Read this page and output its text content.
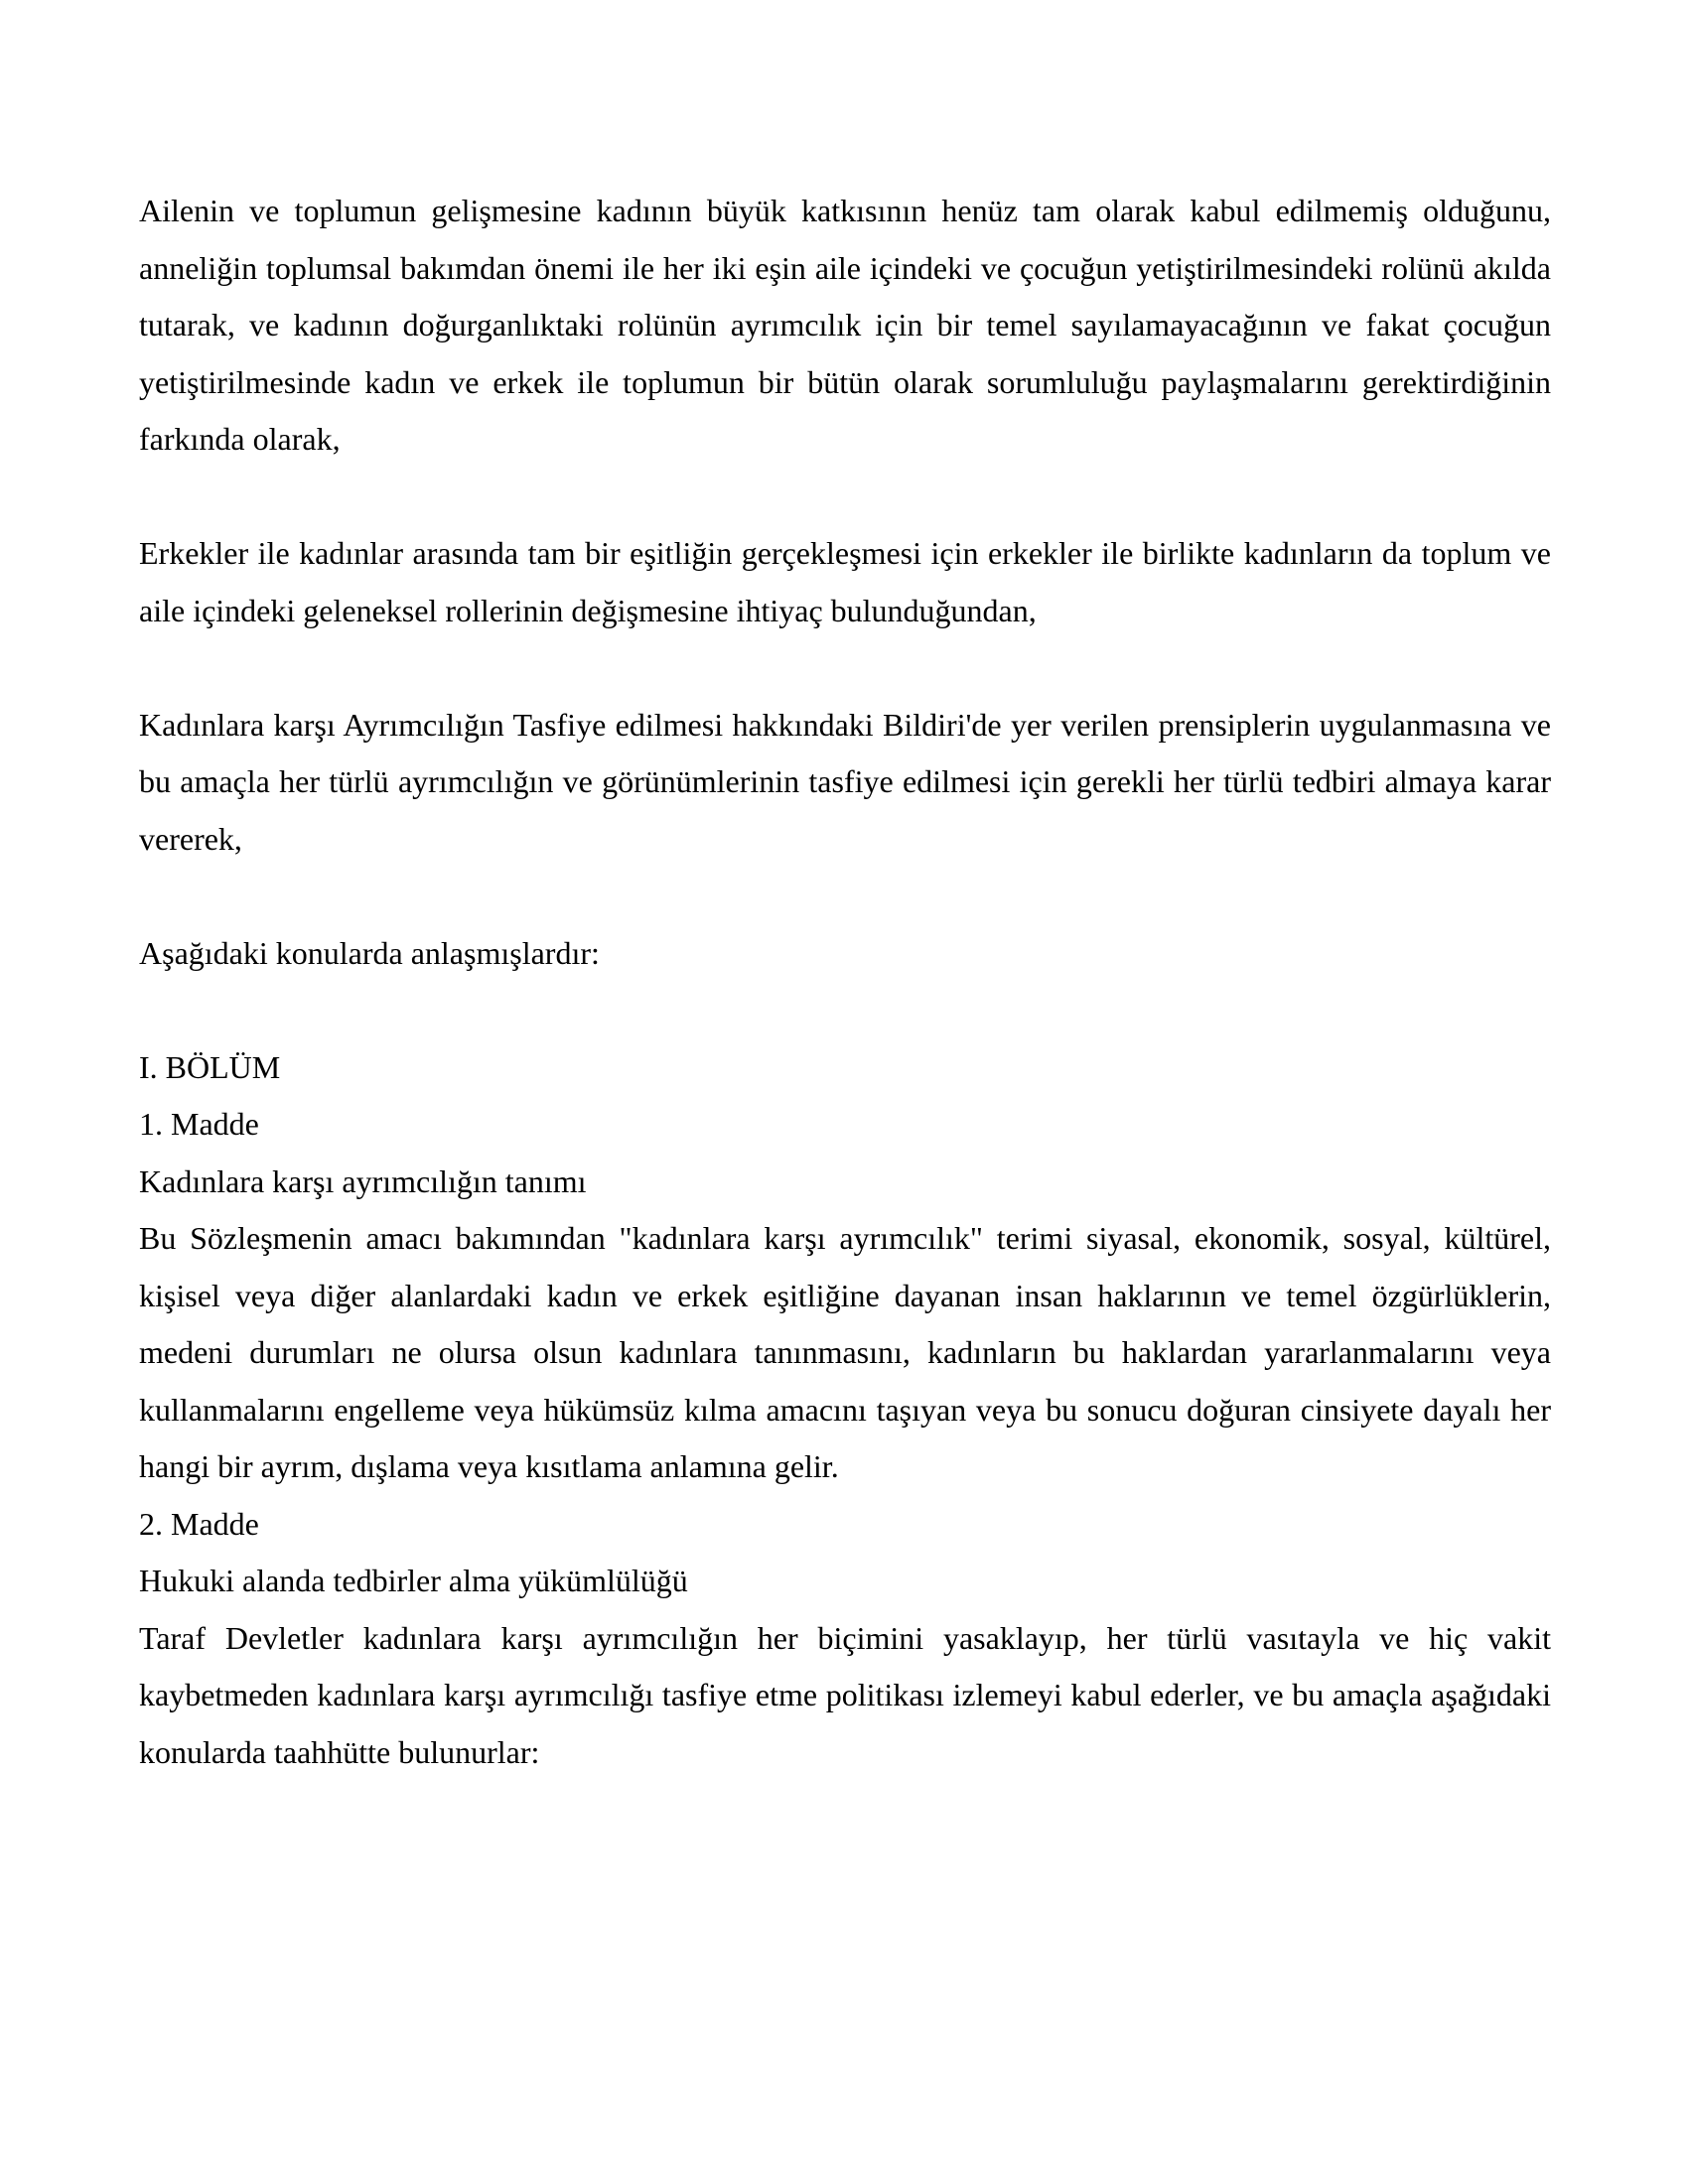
Ailenin ve toplumun gelişmesine kadının büyük katkısının henüz tam olarak kabul edilmemiş olduğunu, anneliğin toplumsal bakımdan önemi ile her iki eşin aile içindeki ve çocuğun yetiştirilmesindeki rolünü akılda tutarak, ve kadının doğurganlıktaki rolünün ayrımcılık için bir temel sayılamayacağının ve fakat çocuğun yetiştirilmesinde kadın ve erkek ile toplumun bir bütün olarak sorumluluğu paylaşmalarını gerektirdiğinin farkında olarak,

Erkekler ile kadınlar arasında tam bir eşitliğin gerçekleşmesi için erkekler ile birlikte kadınların da toplum ve aile içindeki geleneksel rollerinin değişmesine ihtiyaç bulunduğundan,

Kadınlara karşı Ayrımcılığın Tasfiye edilmesi hakkındaki Bildiri'de yer verilen prensiplerin uygulanmasına ve bu amaçla her türlü ayrımcılığın ve görünümlerinin tasfiye edilmesi için gerekli her türlü tedbiri almaya karar vererek,

Aşağıdaki konularda anlaşmışlardır:

I. BÖLÜM

1. Madde

Kadınlara karşı ayrımcılığın tanımı

Bu Sözleşmenin amacı bakımından "kadınlara karşı ayrımcılık" terimi siyasal, ekonomik, sosyal, kültürel, kişisel veya diğer alanlardaki kadın ve erkek eşitliğine dayanan insan haklarının ve temel özgürlüklerin, medeni durumları ne olursa olsun kadınlara tanınmasını, kadınların bu haklardan yararlanmalarını veya kullanmalarını engelleme veya hükümsüz kılma amacını taşıyan veya bu sonucu doğuran cinsiyete dayalı her hangi bir ayrım, dışlama veya kısıtlama anlamına gelir.

2. Madde

Hukuki alanda tedbirler alma yükümlülüğü

Taraf Devletler kadınlara karşı ayrımcılığın her biçimini yasaklayıp, her türlü vasıtayla ve hiç vakit kaybetmeden kadınlara karşı ayrımcılığı tasfiye etme politikası izlemeyi kabul ederler, ve bu amaçla aşağıdaki konularda taahhütte bulunurlar:
